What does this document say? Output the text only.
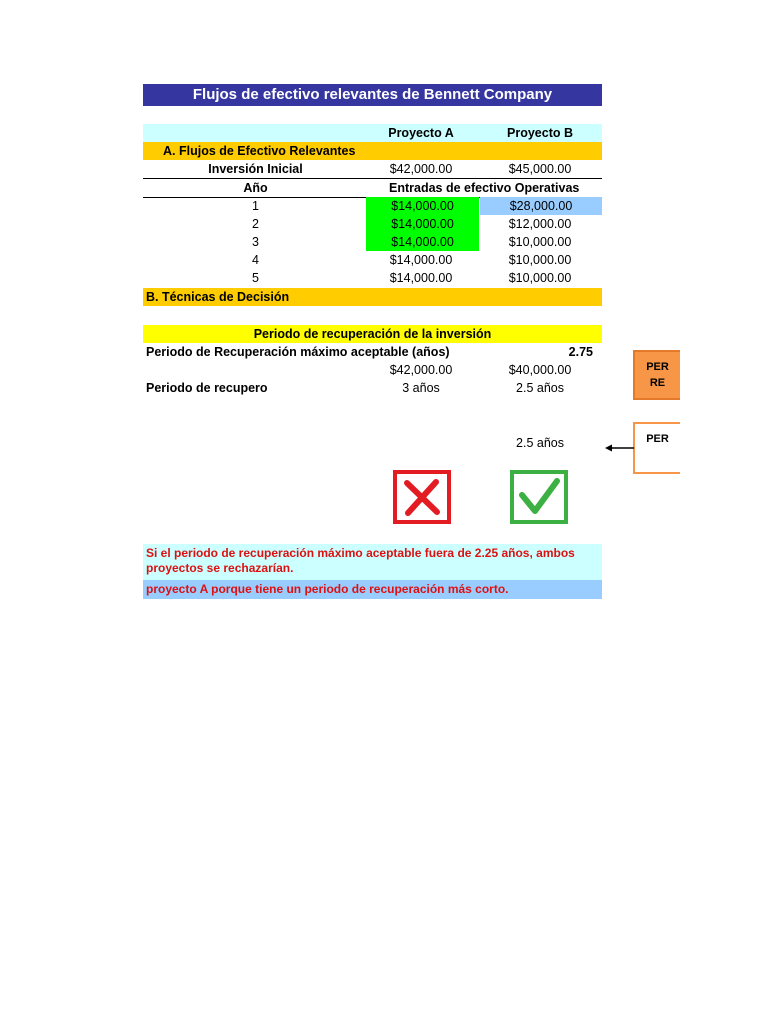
Flujos de efectivo relevantes de Bennett Company
Proyecto A	Proyecto B
A. Flujos de Efectivo Relevantes
Inversión Inicial	$42,000.00	$45,000.00
Año	Entradas de efectivo Operativas
1	$14,000.00	$28,000.00
2	$14,000.00	$12,000.00
3	$14,000.00	$10,000.00
4	$14,000.00	$10,000.00
5	$14,000.00	$10,000.00
B. Técnicas de Decisión
Periodo de recuperación de la inversión
Periodo de Recuperación máximo aceptable (años)	2.75
$42,000.00	$40,000.00
Periodo de recupero	3 años	2.5 años
2.5 años
PER
RE
PER
Si el periodo de recuperación máximo aceptable fuera de 2.25 años, ambos proyectos se rechazarían.
proyecto A porque tiene un periodo de recuperación más corto.
